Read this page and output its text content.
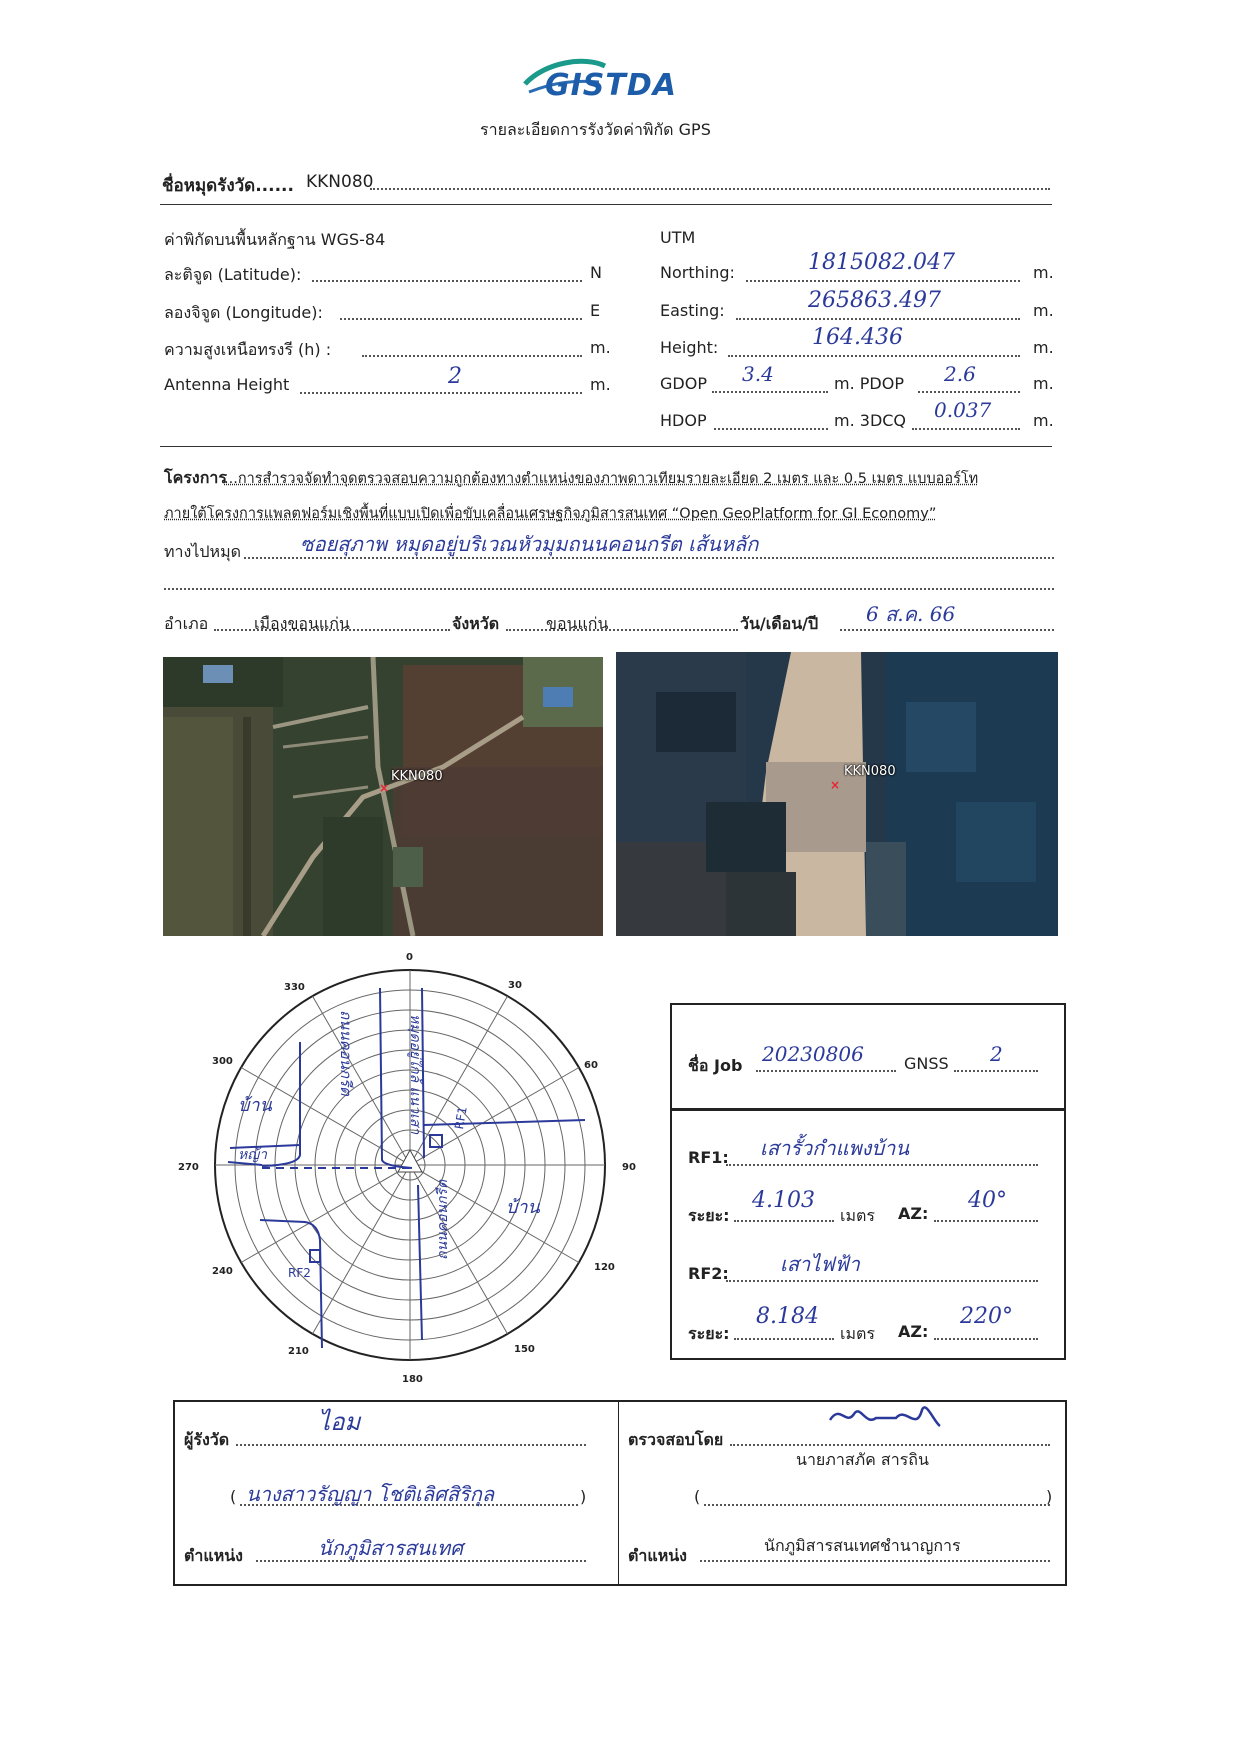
GISTDA
รายละเอียดการรังวัดค่าพิกัด GPS
ชื่อหมุดรังวัด...... KKN080
ค่าพิกัดบนพื้นหลักฐาน WGS-84
ละติจูด (Latitude):	N
ลองจิจูด (Longitude):	E
ความสูงเหนือทรงรี (h) :	m.
Antenna Height	2	m.
UTM
Northing:	1815082.047	m.
Easting:	265863.497	m.
Height:	164.436	m.
GDOP 3.4	m. PDOP 2.6	m.
HDOP	m. 3DCQ 0.037	m.
โครงการ
...การสำรวจจัดทำจุดตรวจสอบความถูกต้องทางตำแหน่งของภาพดาวเทียมรายละเอียด 2 เมตร และ 0.5 เมตร แบบออร์โท
ภายใต้โครงการแพลตฟอร์มเชิงพื้นที่แบบเปิดเพื่อขับเคลื่อนเศรษฐกิจภูมิสารสนเทศ “Open GeoPlatform for GI Economy”
ทางไปหมุด	ซอยสุภาพ หมุดอยู่บริเวณหัวมุมถนนคอนกรีต เส้นหลัก
อำเภอ	เมืองขอนแก่น	จังหวัด	ขอนแก่น	วัน/เดือน/ปี 6 ส.ค. 66
×
KKN080
×
KKN080
ถนนคอนกรีต	หมุดอยู่ใกล้ แนวเสา
บ้าน
หญ้า
บ้าน
ถนนคอนกรีต
RF1
RF2
0
30
60
90
120
150
180
210
240
270
300
330
ชื่อ Job 20230806	GNSS 2
RF1: เสารั้วกำแพงบ้าน
ระยะ:
4.103
เมตร AZ:
40°
RF2:	เสาไฟฟ้า
ระยะ:
8.184
เมตร AZ:
220°
ผู้รังวัด
ไอม
( นางสาวรัญญา โชติเลิศสิริกุล	)
ตำแหน่ง	นักภูมิสารสนเทศ
ตรวจสอบโดย
นายภาสภัค สารถิน
(	)
ตำแหน่ง
นักภูมิสารสนเทศชำนาญการ
